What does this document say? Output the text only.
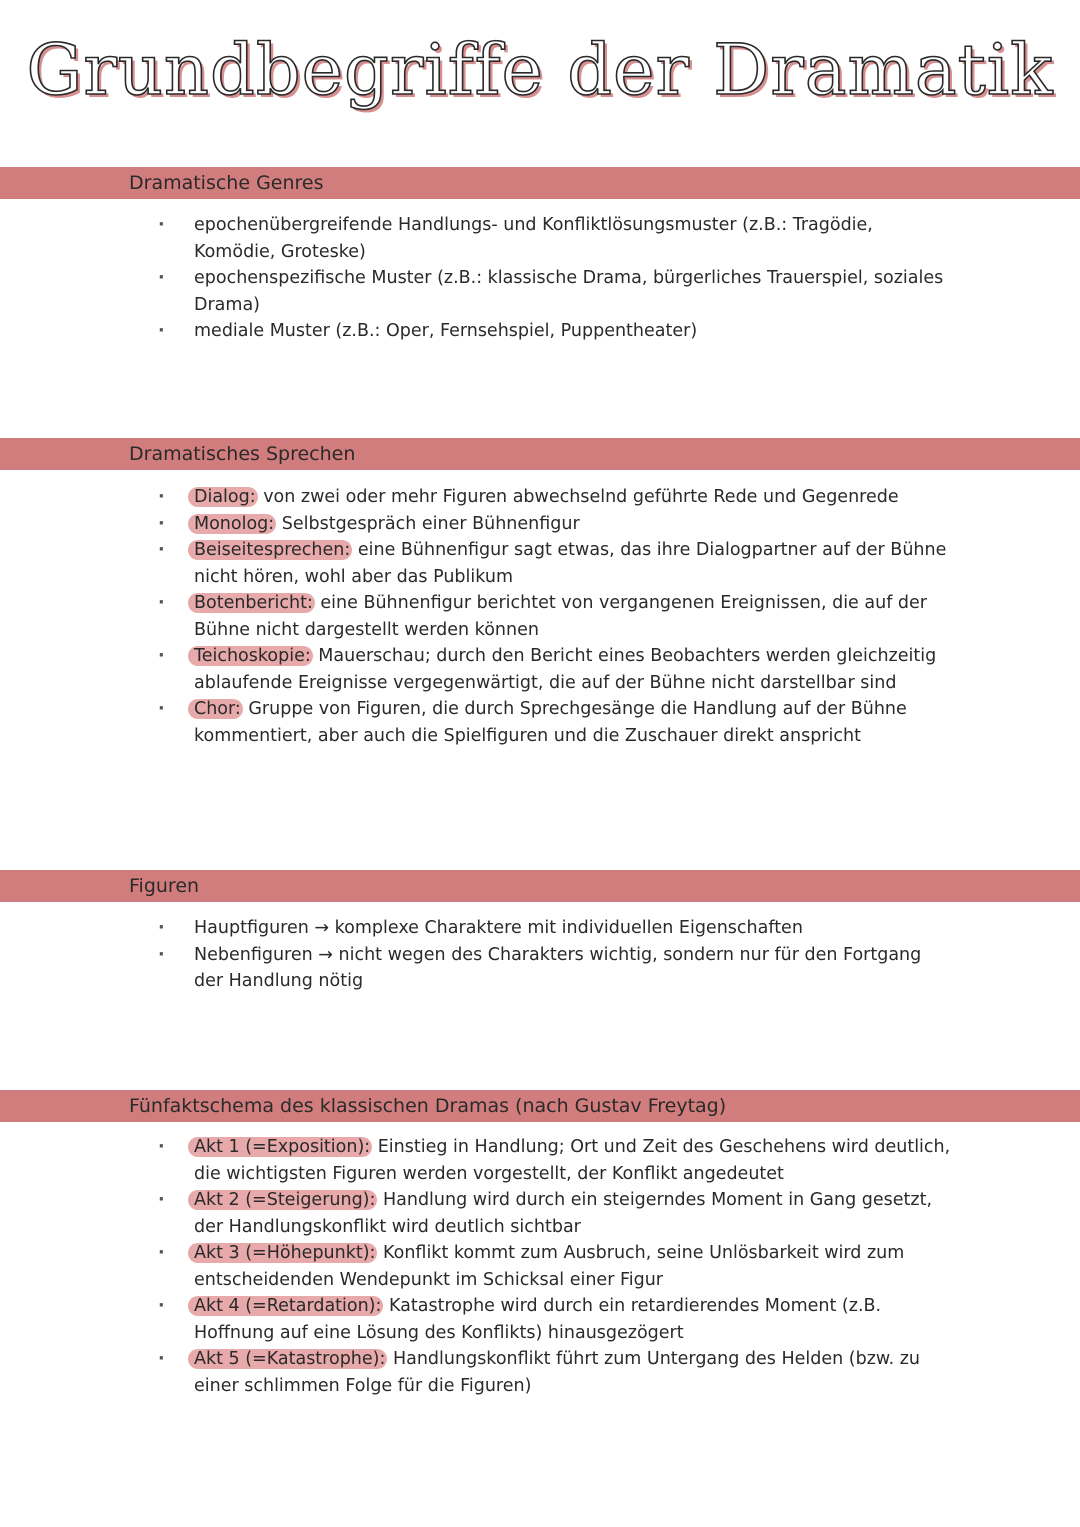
Grundbegriffe der Dramatik
Dramatische Genres
· epochenübergreifende Handlungs- und Konfliktlösungsmuster (z.B.: Tragödie, Komödie, Groteske)
· epochenspezifische Muster (z.B.: klassische Drama, bürgerliches Trauerspiel, soziales Drama)
· mediale Muster (z.B.: Oper, Fernsehspiel, Puppentheater)
Dramatisches Sprechen
· Dialog: von zwei oder mehr Figuren abwechselnd geführte Rede und Gegenrede
· Monolog: Selbstgespräch einer Bühnenfigur
· Beiseitesprechen: eine Bühnenfigur sagt etwas, das ihre Dialogpartner auf der Bühne nicht hören, wohl aber das Publikum
· Botenbericht: eine Bühnenfigur berichtet von vergangenen Ereignissen, die auf der Bühne nicht dargestellt werden können
· Teichoskopie: Mauerschau; durch den Bericht eines Beobachters werden gleichzeitig ablaufende Ereignisse vergegenwärtigt, die auf der Bühne nicht darstellbar sind
· Chor: Gruppe von Figuren, die durch Sprechgesänge die Handlung auf der Bühne kommentiert, aber auch die Spielfiguren und die Zuschauer direkt anspricht
Figuren
· Hauptfiguren → komplexe Charaktere mit individuellen Eigenschaften
· Nebenfiguren → nicht wegen des Charakters wichtig, sondern nur für den Fortgang der Handlung nötig
Fünfaktschema des klassischen Dramas (nach Gustav Freytag)
· Akt 1 (=Exposition): Einstieg in Handlung; Ort und Zeit des Geschehens wird deutlich, die wichtigsten Figuren werden vorgestellt, der Konflikt angedeutet
· Akt 2 (=Steigerung): Handlung wird durch ein steigerndes Moment in Gang gesetzt, der Handlungskonflikt wird deutlich sichtbar
· Akt 3 (=Höhepunkt): Konflikt kommt zum Ausbruch, seine Unlösbarkeit wird zum entscheidenden Wendepunkt im Schicksal einer Figur
· Akt 4 (=Retardation): Katastrophe wird durch ein retardierendes Moment (z.B. Hoffnung auf eine Lösung des Konflikts) hinausgezögert
· Akt 5 (=Katastrophe): Handlungskonflikt führt zum Untergang des Helden (bzw. zu einer schlimmen Folge für die Figuren)
